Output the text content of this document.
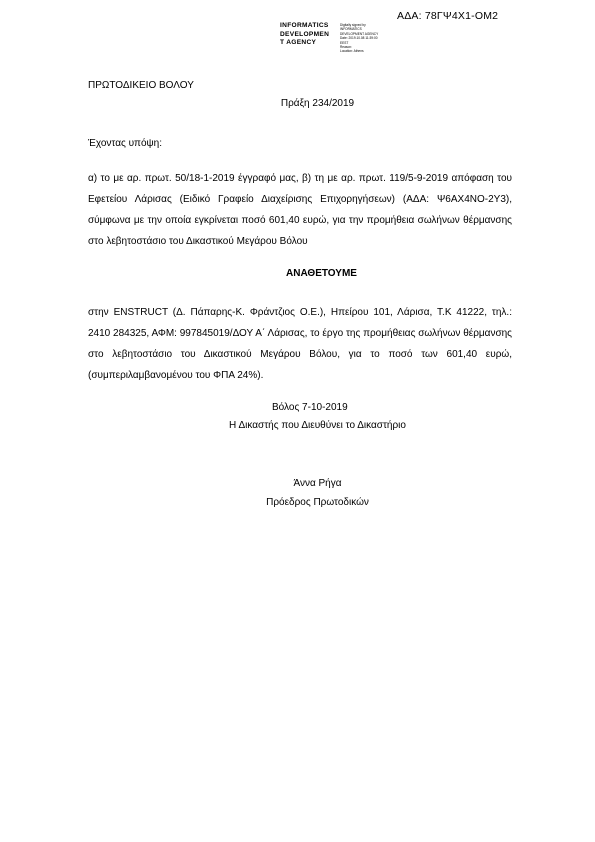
ΑΔΑ: 78ΓΨ4Χ1-ΟΜ2
INFORMATICS
DEVELOPMEN
T AGENCY
Digitally signed by
INFORMATICS
DEVELOPMENT AGENCY
Date: 2019.10.08 11:39:00
EEST
Reason:
Location: Athens
ΠΡΩΤΟΔΙΚΕΙΟ ΒΟΛΟΥ
Πράξη 234/2019
Έχοντας υπόψη:

α) το με αρ. πρωτ. 50/18-1-2019 έγγραφό μας, β) τη με αρ. πρωτ. 119/5-9-2019 απόφαση του Εφετείου Λάρισας (Ειδικό Γραφείο Διαχείρισης Επιχορηγήσεων) (ΑΔΑ: Ψ6ΑΧ4ΝΟ-2Υ3), σύμφωνα με την οποία εγκρίνεται ποσό 601,40 ευρώ, για την προμήθεια σωλήνων θέρμανσης στο λεβητοστάσιο του Δικαστικού Μεγάρου Βόλου

ΑΝΑΘΕΤΟΥΜΕ

στην ENSTRUCT (Δ. Πάπαρης-Κ. Φράντζιος Ο.Ε.), Ηπείρου 101, Λάρισα, Τ.Κ 41222, τηλ.: 2410 284325, ΑΦΜ: 997845019/ΔΟΥ Α΄ Λάρισας, το έργο της προμήθειας σωλήνων θέρμανσης στο λεβητοστάσιο του Δικαστικού Μεγάρου Βόλου, για το ποσό των 601,40 ευρώ, (συμπεριλαμβανομένου του ΦΠΑ 24%).

Βόλος 7-10-2019
Η Δικαστής που Διευθύνει το Δικαστήριο
Άννα Ρήγα
Πρόεδρος Πρωτοδικών
